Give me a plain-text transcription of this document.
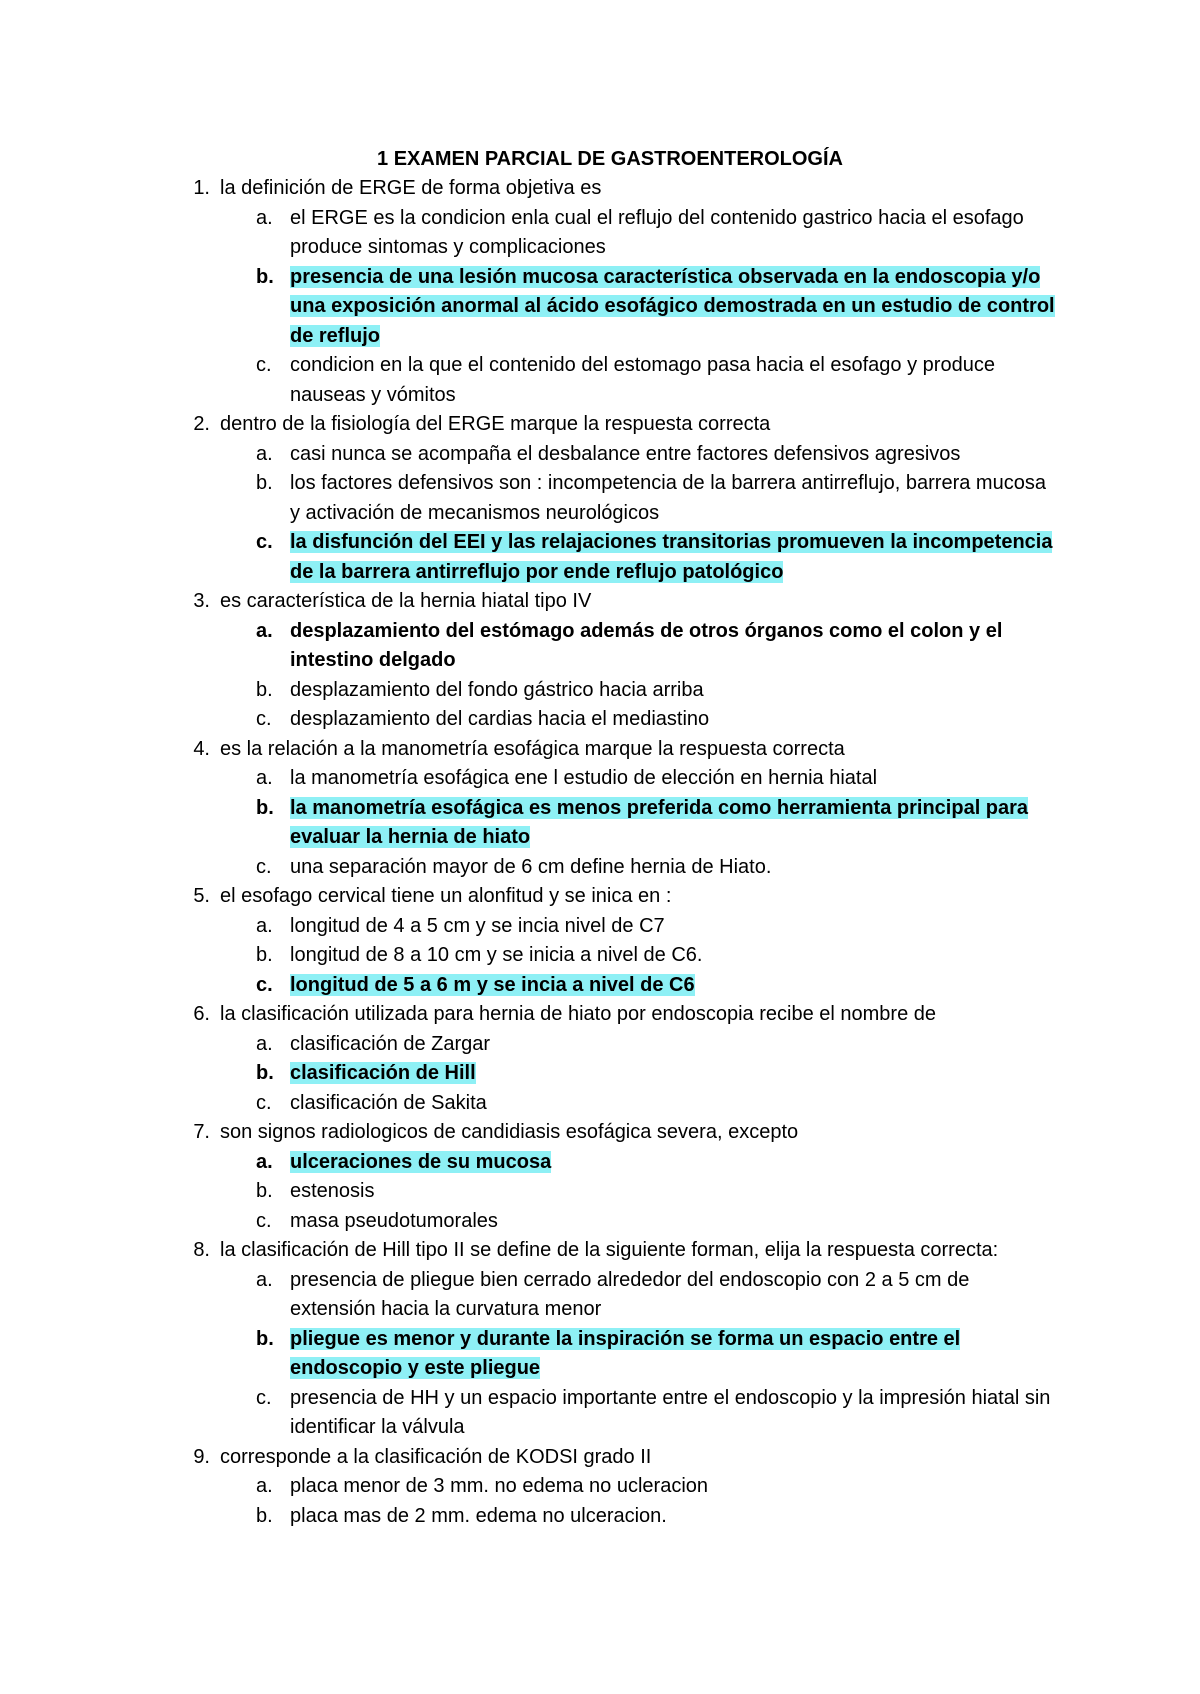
1 EXAMEN PARCIAL DE GASTROENTEROLOGÍA
1. la definición de ERGE de forma objetiva es
a. el ERGE es la condicion enla cual el reflujo del contenido gastrico hacia el esofago produce sintomas y complicaciones
b. presencia de una lesión mucosa característica observada en la endoscopia y/o una exposición anormal al ácido esofágico demostrada en un estudio de control de reflujo
c. condicion en la que el contenido del estomago pasa hacia el esofago y produce nauseas y vómitos
2. dentro de la fisiología del ERGE marque la respuesta correcta
a. casi nunca se acompaña el desbalance entre factores defensivos agresivos
b. los factores defensivos son : incompetencia de la barrera antirreflujo, barrera mucosa y activación de mecanismos neurológicos
c. la disfunción del EEI y las relajaciones transitorias promueven la incompetencia de la barrera antirreflujo por ende reflujo patológico
3. es característica de la hernia hiatal tipo IV
a. desplazamiento del estómago además de otros órganos como el colon y el intestino delgado
b. desplazamiento del fondo gástrico hacia arriba
c. desplazamiento del cardias hacia el mediastino
4. es la relación a la manometría esofágica marque la respuesta correcta
a. la manometría esofágica ene l estudio de elección en hernia hiatal
b. la manometría esofágica es menos preferida como herramienta principal para evaluar la hernia de hiato
c. una separación mayor de 6 cm define hernia de Hiato.
5. el esofago cervical tiene un alonfitud y se inica en :
a. longitud de 4 a 5 cm y se incia nivel de C7
b. longitud de 8 a 10 cm y se inicia a nivel de C6.
c. longitud de 5 a 6 m y se incia a nivel de C6
6. la clasificación utilizada para hernia de hiato por endoscopia recibe el nombre de
a. clasificación de Zargar
b. clasificación de Hill
c. clasificación de Sakita
7. son signos radiologicos de candidiasis esofágica severa, excepto
a. ulceraciones de su mucosa
b. estenosis
c. masa pseudotumorales
8. la clasificación de Hill tipo II se define de la siguiente forman, elija la respuesta correcta:
a. presencia de pliegue bien cerrado alrededor del endoscopio con 2 a 5 cm de extensión hacia la curvatura menor
b. pliegue es menor y durante la inspiración se forma un espacio entre el endoscopio y este pliegue
c. presencia de HH y un espacio importante entre el endoscopio y la impresión hiatal sin identificar la válvula
9. corresponde a la clasificación de KODSI grado II
a. placa menor de 3 mm. no edema no ucleracion
b. placa mas de 2 mm. edema no ulceracion.
